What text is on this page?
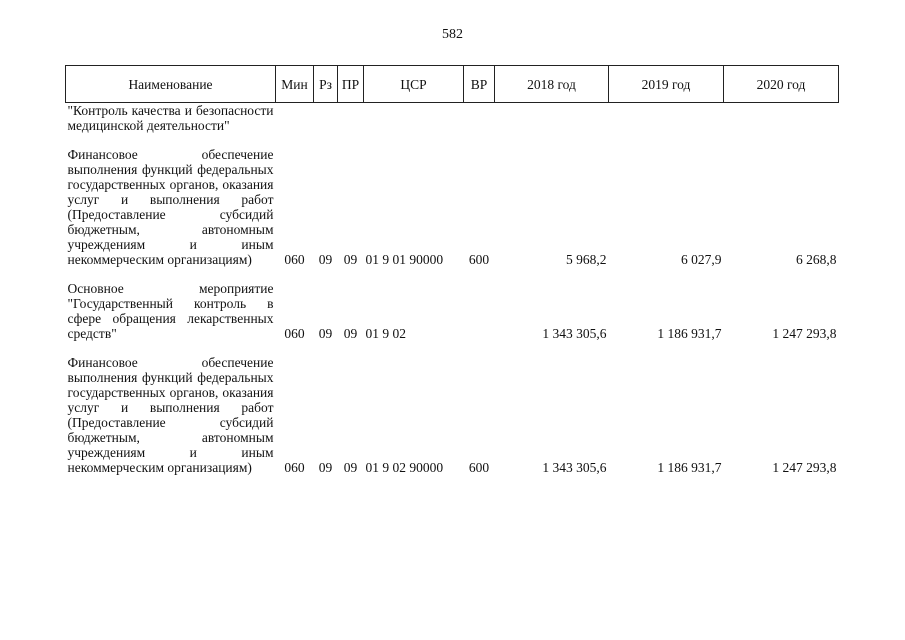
582
Наименование	Мин	Рз	ПР	ЦСР	ВР	2018 год	2019 год	2020 год
"Контроль качества и безопасности медицинской деятельности"								

Финансовое обеспечение выполнения функций федеральных государственных органов, оказания услуг и выполнения работ (Предоставление субсидий бюджетным, автономным учреждениям и иным некоммерческим организациям)	060	09	09	01 9 01 90000	600	5 968,2	6 027,9	6 268,8

Основное мероприятие "Государственный контроль в сфере обращения лекарственных средств"	060	09	09	01 9 02		1 343 305,6	1 186 931,7	1 247 293,8

Финансовое обеспечение выполнения функций федеральных государственных органов, оказания услуг и выполнения работ (Предоставление субсидий бюджетным, автономным учреждениям и иным некоммерческим организациям)	060	09	09	01 9 02 90000	600	1 343 305,6	1 186 931,7	1 247 293,8
